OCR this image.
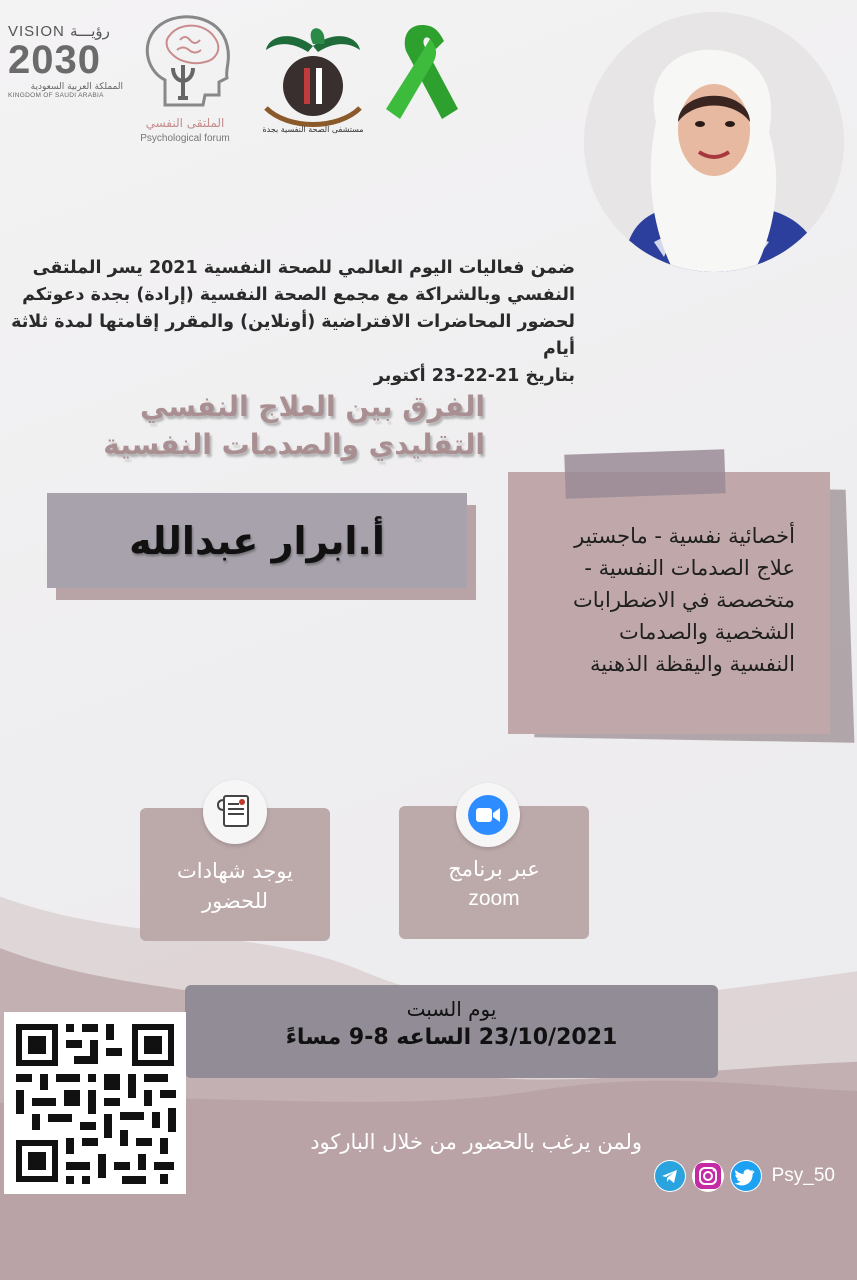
VISION رؤيـــة
2030
المملكة العربية السعودية
KINGDOM OF SAUDI ARABIA
الملتقى النفسي
Psychological forum
مستشفى الصحة النفسية بجدة
ضمن فعاليات اليوم العالمي للصحة النفسية 2021 يسر الملتقى
النفسي وبالشراكة مع مجمع الصحة النفسية (إرادة) بجدة دعوتكم
لحضور المحاضرات الافتراضية (أونلاين) والمقرر إقامتها لمدة ثلاثة أيام
بتاريخ 21-22-23 أكتوبر
الفرق بين العلاج النفسي
التقليدي والصدمات النفسية
أ.ابرار عبدالله	أخصائية نفسية - ماجستير
علاج الصدمات النفسية -
متخصصة في الاضطرابات
الشخصية والصدمات
النفسية واليقظة الذهنية
يوجد شهادات
للحضور
عبر برنامج
zoom
يوم السبت
23/10/2021 الساعه 8-9 مساءً
ولمن يرغب بالحضور من خلال الباركود
Psy_50
